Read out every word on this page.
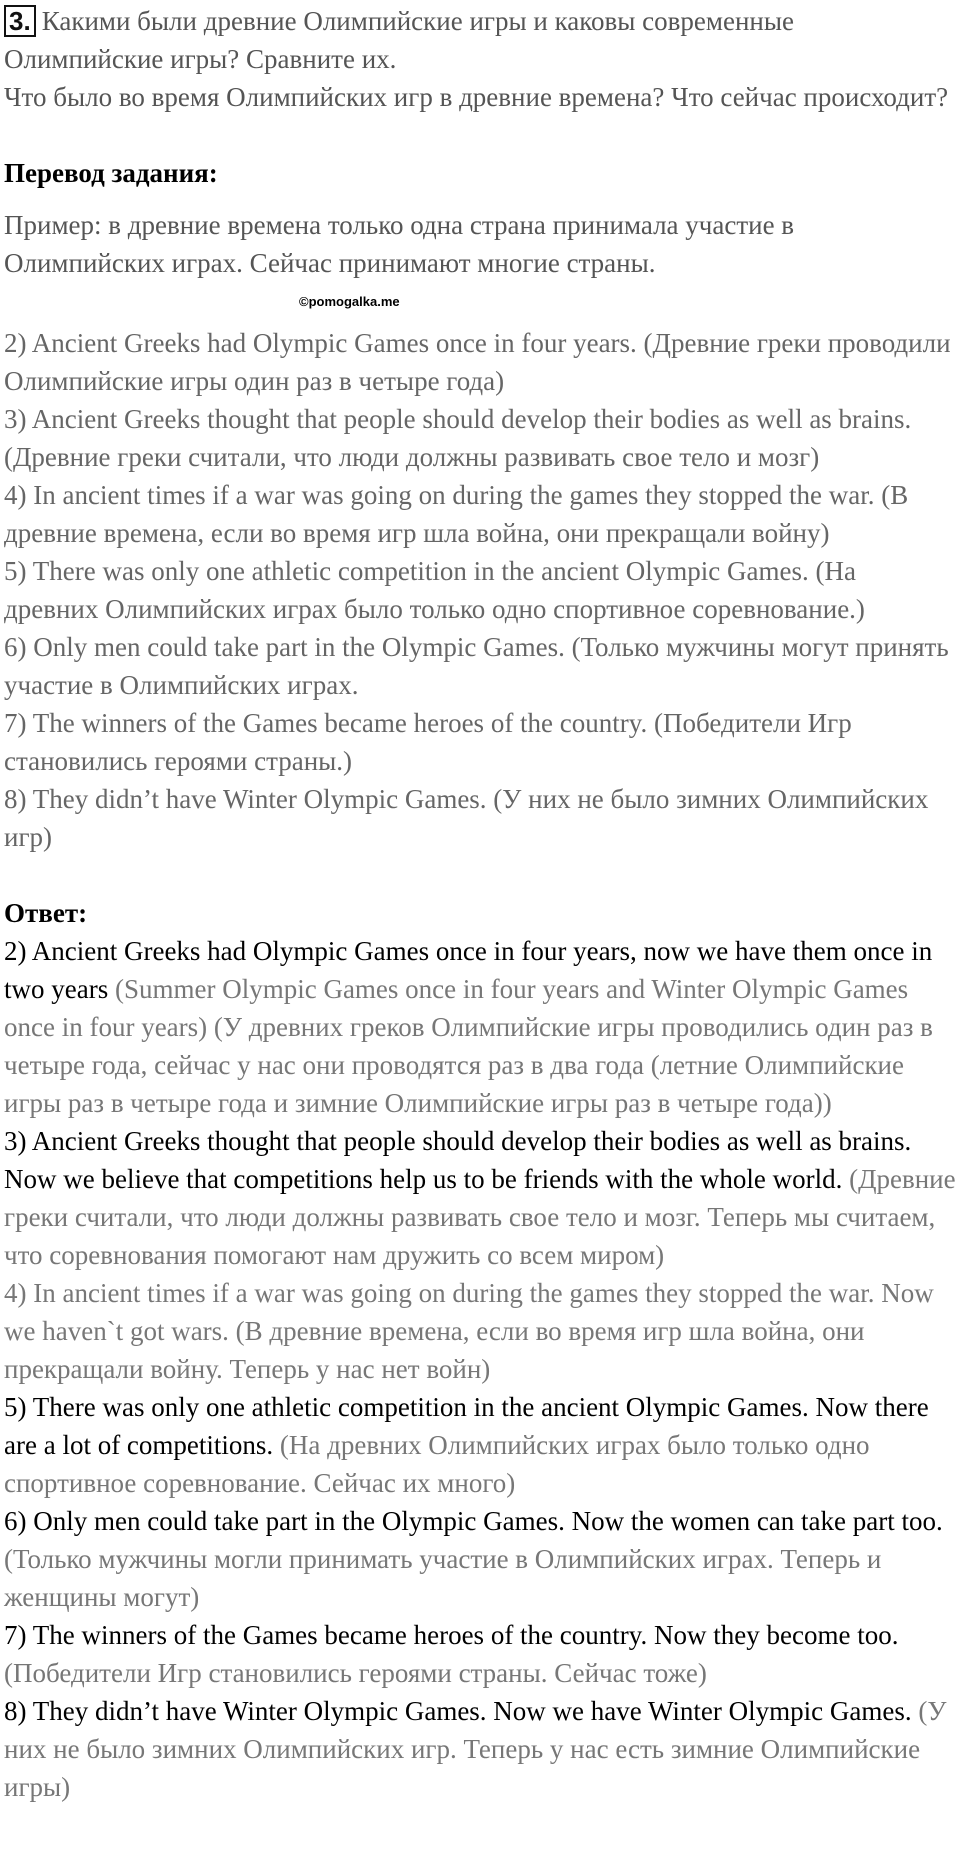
3. Какими были древние Олимпийские игры и каковы современные Олимпийские игры? Сравните их.

Что было во время Олимпийских игр в древние времена? Что сейчас происходит?

Перевод задания:

Пример: в древние времена только одна страна принимала участие в Олимпийских играх. Сейчас принимают многие страны.

©pomogalka.me

2) Ancient Greeks had Olympic Games once in four years. (Древние греки проводили Олимпийские игры один раз в четыре года)

3) Ancient Greeks thought that people should develop their bodies as well as brains. (Древние греки считали, что люди должны развивать свое тело и мозг)

4) In ancient times if a war was going on during the games they stopped the war. (В древние времена, если во время игр шла война, они прекращали войну)

5) There was only one athletic competition in the ancient Olympic Games. (На древних Олимпийских играх было только одно спортивное соревнование.)

6) Only men could take part in the Olympic Games. (Только мужчины могут принять участие в Олимпийских играх.

7) The winners of the Games became heroes of the country. (Победители Игр становились героями страны.)

8) They didn’t have Winter Olympic Games. (У них не было зимних Олимпийских игр)

Ответ:

2) Ancient Greeks had Olympic Games once in four years, now we have them once in two years (Summer Olympic Games once in four years and Winter Olympic Games once in four years) (У древних греков Олимпийские игры проводились один раз в четыре года, сейчас у нас они проводятся раз в два года (летние Олимпийские игры раз в четыре года и зимние Олимпийские игры раз в четыре года))

3) Ancient Greeks thought that people should develop their bodies as well as brains. Now we believe that competitions help us to be friends with the whole world. (Древние греки считали, что люди должны развивать свое тело и мозг. Теперь мы считаем, что соревнования помогают нам дружить со всем миром)

4) In ancient times if a war was going on during the games they stopped the war. Now we haven`t got wars. (В древние времена, если во время игр шла война, они прекращали войну. Теперь у нас нет войн)

5) There was only one athletic competition in the ancient Olympic Games. Now there are a lot of competitions. (На древних Олимпийских играх было только одно спортивное соревнование. Сейчас их много)

6) Only men could take part in the Olympic Games. Now the women can take part too. (Только мужчины могли принимать участие в Олимпийских играх. Теперь и женщины могут)

7) The winners of the Games became heroes of the country. Now they become too. (Победители Игр становились героями страны. Сейчас тоже)

8) They didn’t have Winter Olympic Games. Now we have Winter Olympic Games. (У них не было зимних Олимпийских игр. Теперь у нас есть зимние Олимпийские игры)
